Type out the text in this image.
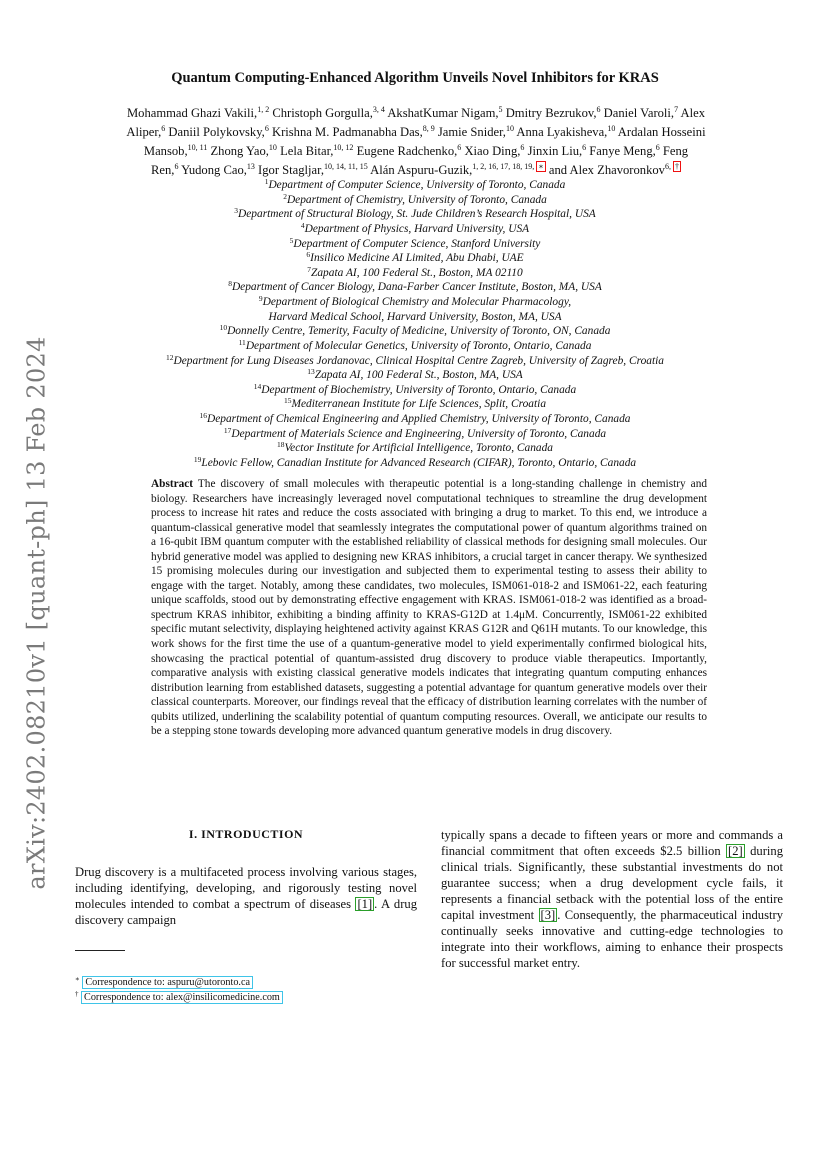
arXiv:2402.08210v1 [quant-ph] 13 Feb 2024
Quantum Computing-Enhanced Algorithm Unveils Novel Inhibitors for KRAS
Mohammad Ghazi Vakili,$^{1, 2}$ Christoph Gorgulla,$^{3, 4}$ AkshatKumar Nigam,$^5$ Dmitry Bezrukov,$^6$ Daniel Varoli,$^7$ Alex
Aliper,$^6$ Daniil Polykovsky,$^6$ Krishna M. Padmanabha Das,$^{8, 9}$ Jamie Snider,$^{10}$ Anna Lyakisheva,$^{10}$ Ardalan Hosseini
Mansob,$^{10, 11}$ Zhong Yao,$^{10}$ Lela Bitar,$^{10, 12}$ Eugene Radchenko,$^6$ Xiao Ding,$^6$ Jinxin Liu,$^6$ Fanye Meng,$^6$ Feng
Ren,$^6$ Yudong Cao,$^{13}$ Igor Stagljar,$^{10, 14, 11, 15}$ Alán Aspuru-Guzik,$^{1, 2, 16, 17, 18, 19, ∗}$ and Alex Zhavoronkov$^{6, \dagger}$
$^1$Department of Computer Science, University of Toronto, Canada
$^2$Department of Chemistry, University of Toronto, Canada
$^3$Department of Structural Biology, St. Jude Children’s Research Hospital, USA
$^4$Department of Physics, Harvard University, USA
$^5$Department of Computer Science, Stanford University
$^6$Insilico Medicine AI Limited, Abu Dhabi, UAE
$^7$Zapata AI, 100 Federal St., Boston, MA 02110
$^8$Department of Cancer Biology, Dana-Farber Cancer Institute, Boston, MA, USA
$^9$Department of Biological Chemistry and Molecular Pharmacology,
Harvard Medical School, Harvard University, Boston, MA, USA
$^{10}$Donnelly Centre, Temerity, Faculty of Medicine, University of Toronto, ON, Canada
$^{11}$Department of Molecular Genetics, University of Toronto, Ontario, Canada
$^{12}$Department for Lung Diseases Jordanovac, Clinical Hospital Centre Zagreb, University of Zagreb, Croatia
$^{13}$Zapata AI, 100 Federal St., Boston, MA, USA
$^{14}$Department of Biochemistry, University of Toronto, Ontario, Canada
$^{15}$Mediterranean Institute for Life Sciences, Split, Croatia
$^{16}$Department of Chemical Engineering and Applied Chemistry, University of Toronto, Canada
$^{17}$Department of Materials Science and Engineering, University of Toronto, Canada
$^{18}$Vector Institute for Artificial Intelligence, Toronto, Canada
$^{19}$Lebovic Fellow, Canadian Institute for Advanced Research (CIFAR), Toronto, Ontario, Canada
Abstract The discovery of small molecules with therapeutic potential is a long-standing challenge in chemistry and biology. Researchers have increasingly leveraged novel computational techniques to streamline the drug development process to increase hit rates and reduce the costs associated with bringing a drug to market. To this end, we introduce a quantum-classical generative model that seamlessly integrates the computational power of quantum algorithms trained on a 16-qubit IBM quantum computer with the established reliability of classical methods for designing small molecules. Our hybrid generative model was applied to designing new KRAS inhibitors, a crucial target in cancer therapy. We synthesized 15 promising molecules during our investigation and subjected them to experimental testing to assess their ability to engage with the target. Notably, among these candidates, two molecules, ISM061-018-2 and ISM061-22, each featuring unique scaffolds, stood out by demonstrating effective engagement with KRAS. ISM061-018-2 was identified as a broad-spectrum KRAS inhibitor, exhibiting a binding affinity to KRAS-G12D at 1.4μM. Concurrently, ISM061-22 exhibited specific mutant selectivity, displaying heightened activity against KRAS G12R and Q61H mutants. To our knowledge, this work shows for the first time the use of a quantum-generative model to yield experimentally confirmed biological hits, showcasing the practical potential of quantum-assisted drug discovery to produce viable therapeutics. Importantly, comparative analysis with existing classical generative models indicates that integrating quantum computing enhances distribution learning from established datasets, suggesting a potential advantage for quantum generative models over their classical counterparts. Moreover, our findings reveal that the efficacy of distribution learning correlates with the number of qubits utilized, underlining the scalability potential of quantum computing resources. Overall, we anticipate our results to be a stepping stone towards developing more advanced quantum generative models in drug discovery.
I. INTRODUCTION
Drug discovery is a multifaceted process involving various stages, including identifying, developing, and rigorously testing novel molecules intended to combat a spectrum of diseases [1] . A drug discovery campaign
typically spans a decade to fifteen years or more and commands a financial commitment that often exceeds $2.5 billion [2] during clinical trials. Significantly, these substantial investments do not guarantee success; when a drug development cycle fails, it represents a financial setback with the potential loss of the entire capital investment [3] . Consequently, the pharmaceutical industry continually seeks innovative and cutting-edge technologies to integrate into their workflows, aiming to enhance their prospects for successful market entry.
∗ Correspondence to: aspuru@utoronto.ca
† Correspondence to: alex@insilicomedicine.com
